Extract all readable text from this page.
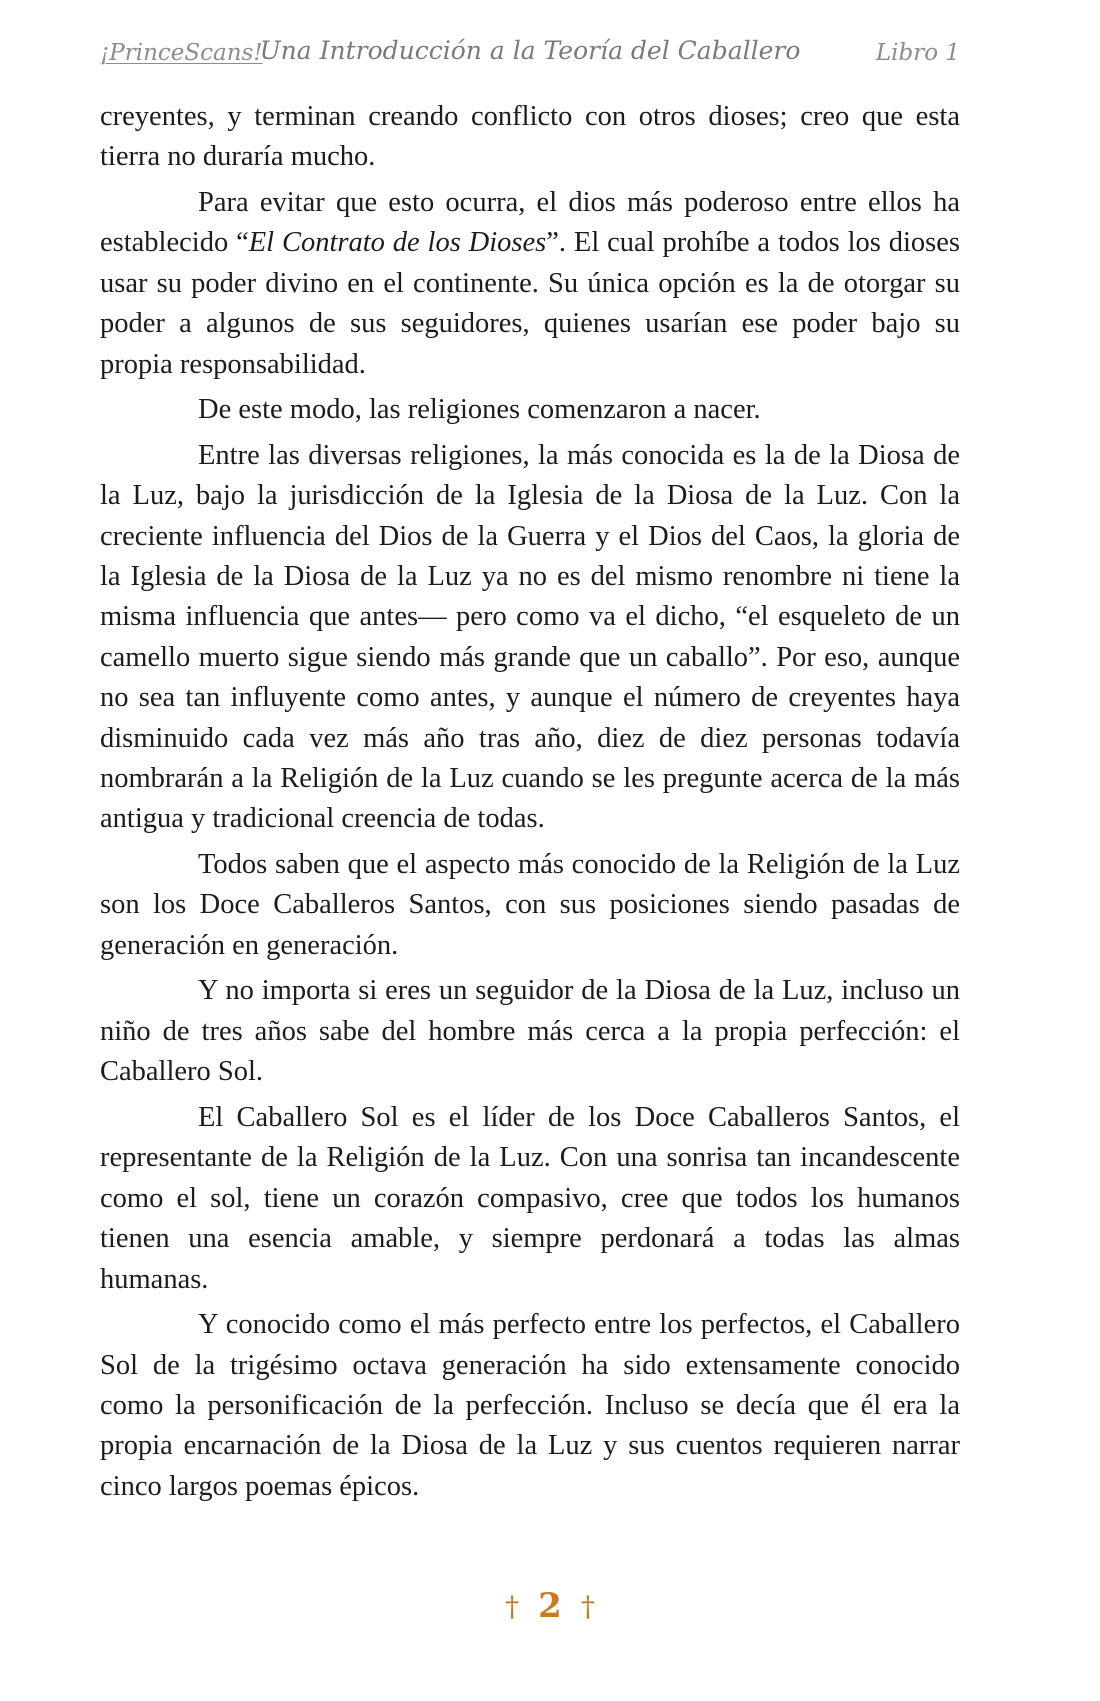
¡PrinceScans!
Una Introducción a la Teoría del Caballero	Libro 1

creyentes, y terminan creando conflicto con otros dioses; creo que esta tierra no duraría mucho.

Para evitar que esto ocurra, el dios más poderoso entre ellos ha establecido “El Contrato de los Dioses”. El cual prohíbe a todos los dioses usar su poder divino en el continente. Su única opción es la de otorgar su poder a algunos de sus seguidores, quienes usarían ese poder bajo su propia responsabilidad.

De este modo, las religiones comenzaron a nacer.

Entre las diversas religiones, la más conocida es la de la Diosa de la Luz, bajo la jurisdicción de la Iglesia de la Diosa de la Luz. Con la creciente influencia del Dios de la Guerra y el Dios del Caos, la gloria de la Iglesia de la Diosa de la Luz ya no es del mismo renombre ni tiene la misma influencia que antes— pero como va el dicho, “el esqueleto de un camello muerto sigue siendo más grande que un caballo”. Por eso, aunque no sea tan influyente como antes, y aunque el número de creyentes haya disminuido cada vez más año tras año, diez de diez personas todavía nombrarán a la Religión de la Luz cuando se les pregunte acerca de la más antigua y tradicional creencia de todas.

Todos saben que el aspecto más conocido de la Religión de la Luz son los Doce Caballeros Santos, con sus posiciones siendo pasadas de generación en generación.

Y no importa si eres un seguidor de la Diosa de la Luz, incluso un niño de tres años sabe del hombre más cerca a la propia perfección: el Caballero Sol.

El Caballero Sol es el líder de los Doce Caballeros Santos, el representante de la Religión de la Luz. Con una sonrisa tan incandescente como el sol, tiene un corazón compasivo, cree que todos los humanos tienen una esencia amable, y siempre perdonará a todas las almas humanas.

Y conocido como el más perfecto entre los perfectos, el Caballero Sol de la trigésimo octava generación ha sido extensamente conocido como la personificación de la perfección. Incluso se decía que él era la propia encarnación de la Diosa de la Luz y sus cuentos requieren narrar cinco largos poemas épicos.

† 2 †
